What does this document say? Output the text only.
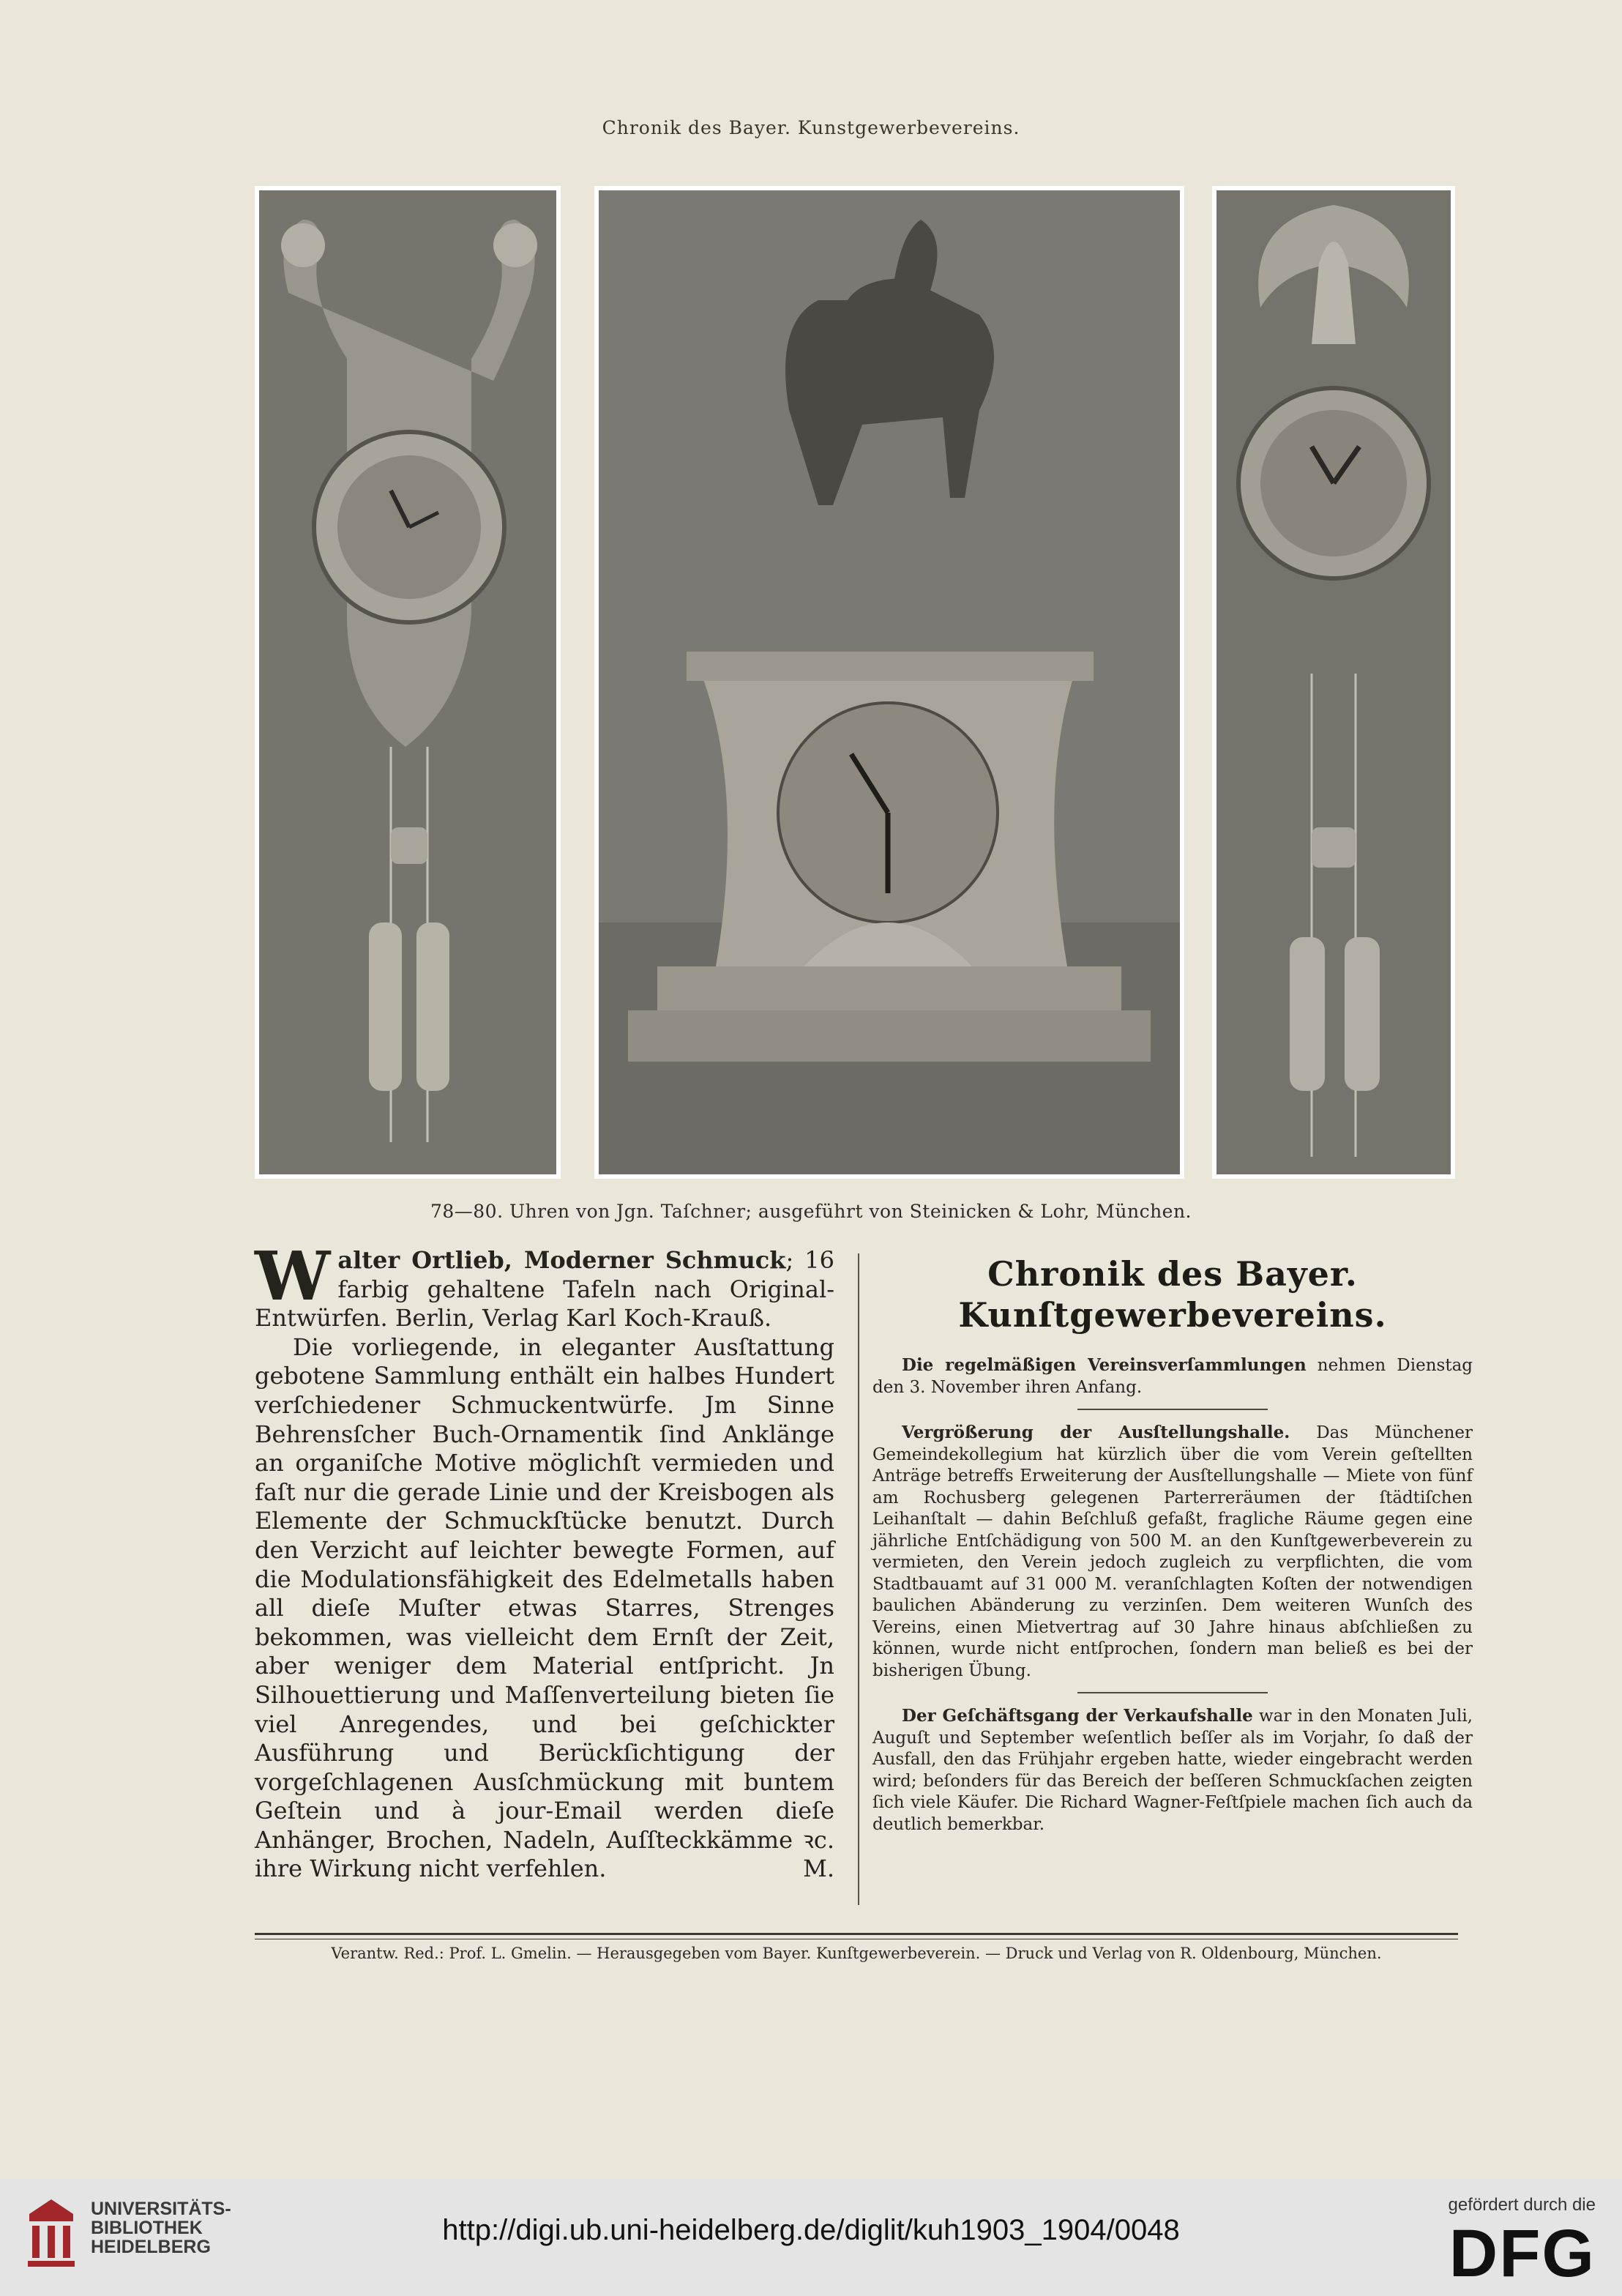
Chronik des Bayer. Kunstgewerbevereins.
78—80. Uhren von Jgn. Taſchner; ausgeführt von Steinicken & Lohr, München.

Walter Ortlieb, Moderner Schmuck; 16 farbig gehaltene Tafeln nach Original-Entwürfen. Berlin, Verlag Karl Koch-Krauß.

Die vorliegende, in eleganter Ausſtattung gebotene Sammlung enthält ein halbes Hundert verſchiedener Schmuckentwürfe. Jm Sinne Behrensſcher Buch-Ornamentik ſind Anklänge an organiſche Motive möglichſt vermieden und faſt nur die gerade Linie und der Kreisbogen als Elemente der Schmuckſtücke benutzt. Durch den Verzicht auf leichter bewegte Formen, auf die Modulationsfähigkeit des Edelmetalls haben all dieſe Muſter etwas Starres, Strenges bekommen, was vielleicht dem Ernſt der Zeit, aber weniger dem Material entſpricht. Jn Silhouettierung und Maſſenverteilung bieten ſie viel Anregendes, und bei geſchickter Ausführung und Berückſichtigung der vorgeſchlagenen Ausſchmückung mit buntem Geſtein und à jour-Email werden dieſe Anhänger, Brochen, Nadeln, Auſſteckkämme ꝛc. ihre Wirkung nicht verfehlen.	M.

Chronik des Bayer. Kunſtgewerbevereins.

Die regelmäßigen Vereinsverſammlungen nehmen Dienstag den 3. November ihren Anfang.

Vergrößerung der Ausſtellungshalle. Das Münchener Gemeindekollegium hat kürzlich über die vom Verein geſtellten Anträge betreffs Erweiterung der Ausſtellungshalle — Miete von fünf am Rochusberg gelegenen Parterreräumen der ſtädtiſchen Leihanſtalt — dahin Beſchluß gefaßt, fragliche Räume gegen eine jährliche Entſchädigung von 500 M. an den Kunſtgewerbeverein zu vermieten, den Verein jedoch zugleich zu verpflichten, die vom Stadtbauamt auf 31 000 M. veranſchlagten Koſten der notwendigen baulichen Abänderung zu verzinſen. Dem weiteren Wunſch des Vereins, einen Mietvertrag auf 30 Jahre hinaus abſchließen zu können, wurde nicht entſprochen, ſondern man beließ es bei der bisherigen Übung.

Der Geſchäftsgang der Verkaufshalle war in den Monaten Juli, Auguſt und September weſentlich beſſer als im Vorjahr, ſo daß der Ausfall, den das Frühjahr ergeben hatte, wieder eingebracht werden wird; beſonders für das Bereich der beſſeren Schmuckſachen zeigten ſich viele Käufer. Die Richard Wagner-Feſtſpiele machen ſich auch da deutlich bemerkbar.

Verantw. Red.: Prof. L. Gmelin. — Herausgegeben vom Bayer. Kunſtgewerbeverein. — Druck und Verlag von R. Oldenbourg, München.
UNIVERSITÄTS-
BIBLIOTHEK
HEIDELBERG
http://digi.ub.uni-heidelberg.de/diglit/kuh1903_1904/0048
gefördert durch die
DFG
